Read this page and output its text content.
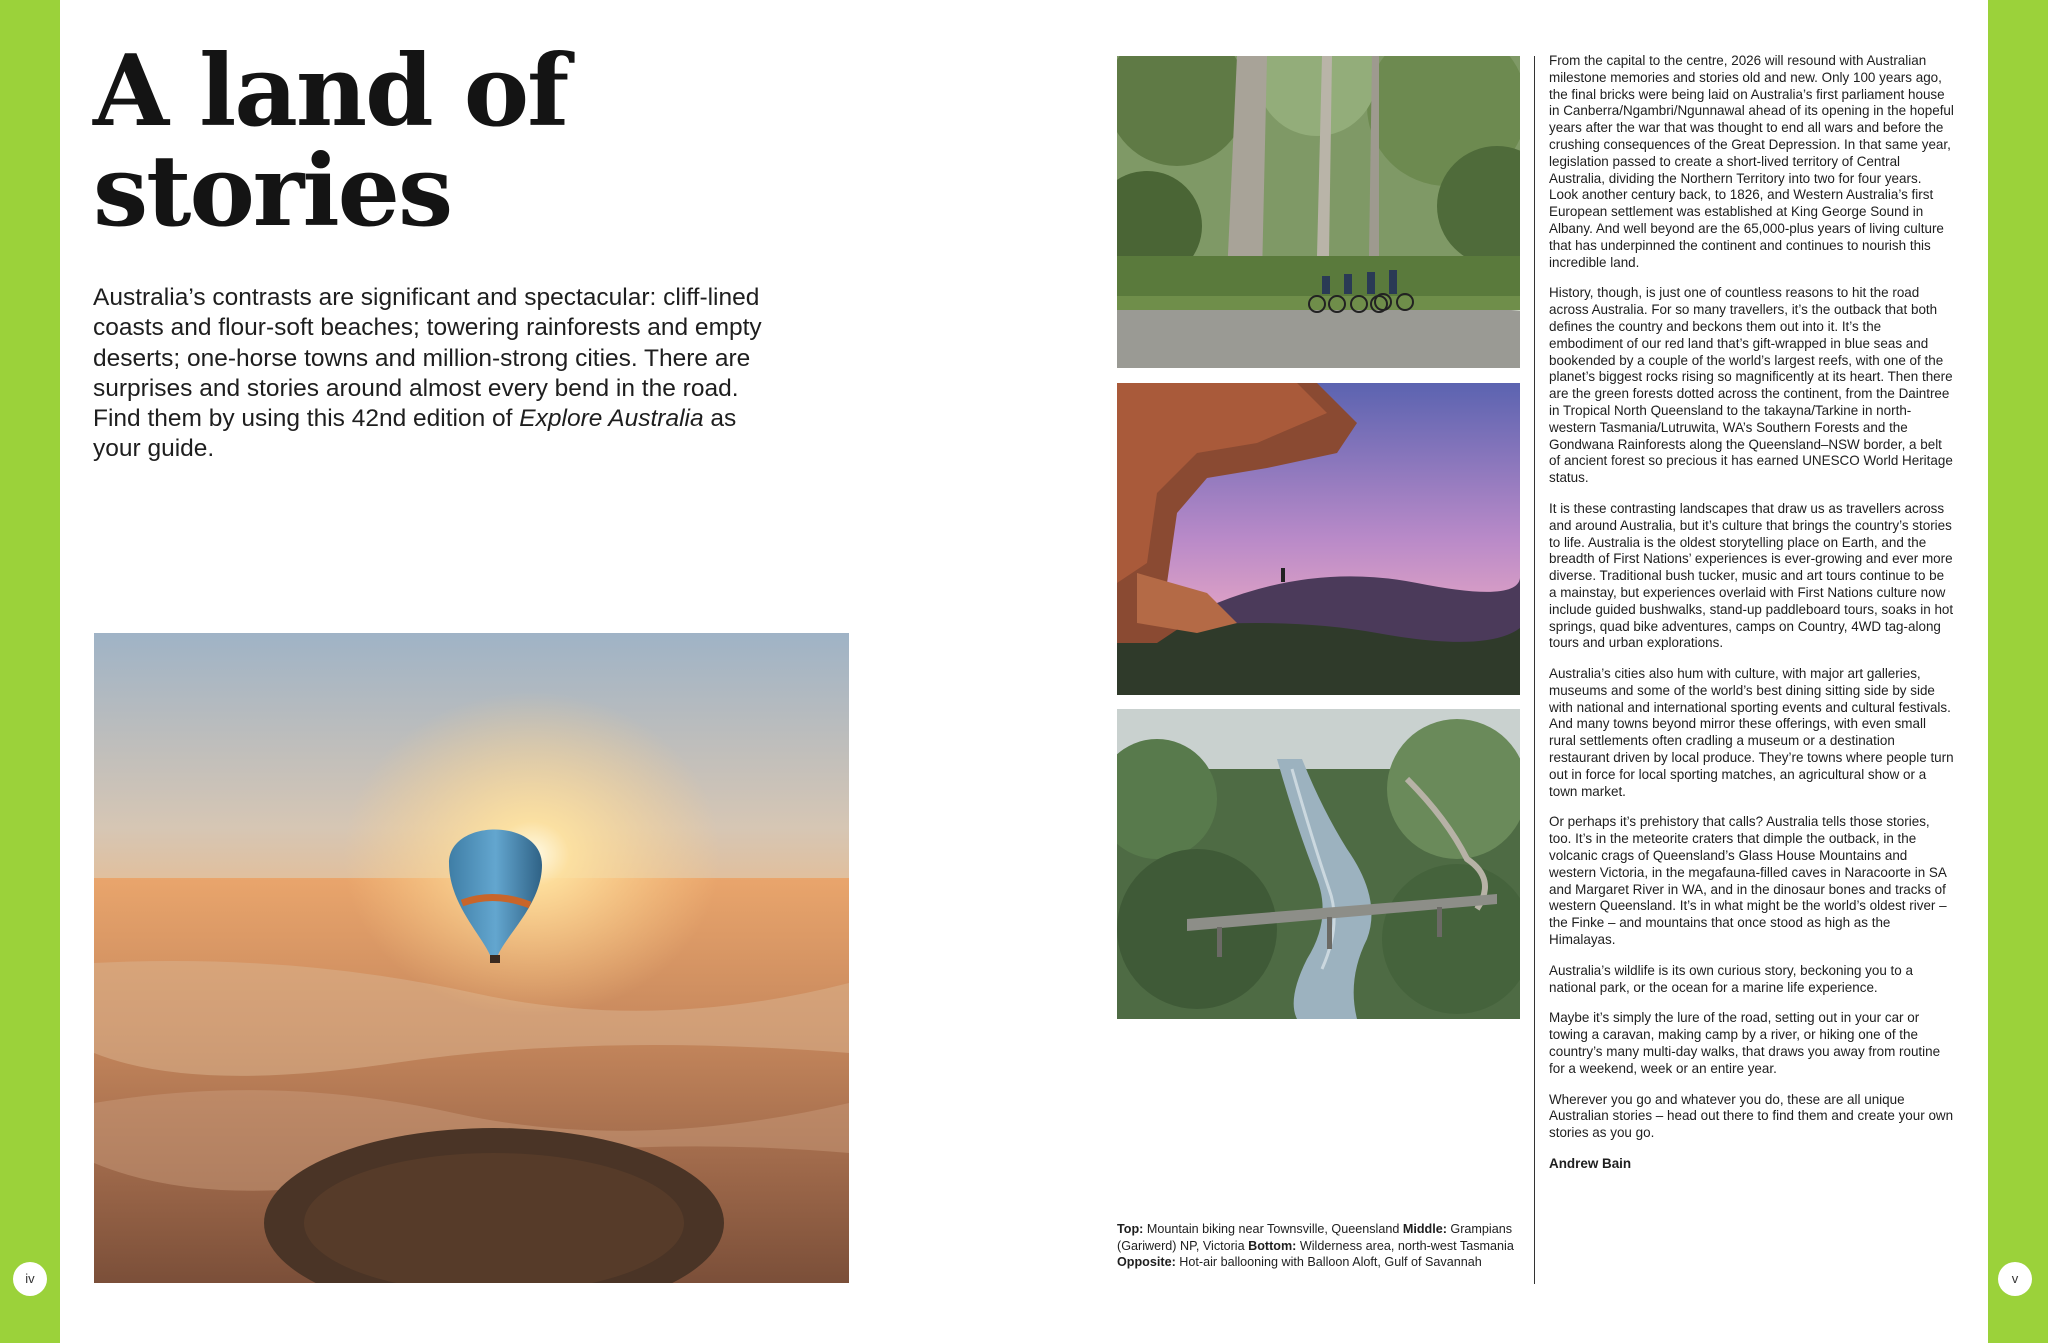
A land of
stories

Australia’s contrasts are significant and spectacular: cliff-lined coasts and flour-soft beaches; towering rainforests and empty deserts; one-horse towns and million-strong cities. There are surprises and stories around almost every bend in the road. Find them by using this 42nd edition of Explore Australia as your guide.

Top: Mountain biking near Townsville, Queensland Middle: Grampians (Gariwerd) NP, Victoria Bottom: Wilderness area, north-west Tasmania Opposite: Hot-air ballooning with Balloon Aloft, Gulf of Savannah

From the capital to the centre, 2026 will resound with Australian milestone memories and stories old and new. Only 100 years ago, the final bricks were being laid on Australia’s first parliament house in Canberra/Ngambri/Ngunnawal ahead of its opening in the hopeful years after the war that was thought to end all wars and before the crushing consequences of the Great Depression. In that same year, legislation passed to create a short-lived territory of Central Australia, dividing the Northern Territory into two for four years. Look another century back, to 1826, and Western Australia’s first European settlement was established at King George Sound in Albany. And well beyond are the 65,000-plus years of living culture that has underpinned the continent and continues to nourish this incredible land.

History, though, is just one of countless reasons to hit the road across Australia. For so many travellers, it’s the outback that both defines the country and beckons them out into it. It’s the embodiment of our red land that’s gift-wrapped in blue seas and bookended by a couple of the world’s largest reefs, with one of the planet’s biggest rocks rising so magnificently at its heart. Then there are the green forests dotted across the continent, from the Daintree in Tropical North Queensland to the takayna/Tarkine in north-western Tasmania/Lutruwita, WA’s Southern Forests and the Gondwana Rainforests along the Queensland–NSW border, a belt of ancient forest so precious it has earned UNESCO World Heritage status.

It is these contrasting landscapes that draw us as travellers across and around Australia, but it’s culture that brings the country’s stories to life. Australia is the oldest storytelling place on Earth, and the breadth of First Nations’ experiences is ever-growing and ever more diverse. Traditional bush tucker, music and art tours continue to be a mainstay, but experiences overlaid with First Nations culture now include guided bushwalks, stand-up paddleboard tours, soaks in hot springs, quad bike adventures, camps on Country, 4WD tag-along tours and urban explorations.

Australia’s cities also hum with culture, with major art galleries, museums and some of the world’s best dining sitting side by side with national and international sporting events and cultural festivals. And many towns beyond mirror these offerings, with even small rural settlements often cradling a museum or a destination restaurant driven by local produce. They’re towns where people turn out in force for local sporting matches, an agricultural show or a town market.

Or perhaps it’s prehistory that calls? Australia tells those stories, too. It’s in the meteorite craters that dimple the outback, in the volcanic crags of Queensland’s Glass House Mountains and western Victoria, in the megafauna-filled caves in Naracoorte in SA and Margaret River in WA, and in the dinosaur bones and tracks of western Queensland. It’s in what might be the world’s oldest river – the Finke – and mountains that once stood as high as the Himalayas.

Australia’s wildlife is its own curious story, beckoning you to a national park, or the ocean for a marine life experience.

Maybe it’s simply the lure of the road, setting out in your car or towing a caravan, making camp by a river, or hiking one of the country’s many multi-day walks, that draws you away from routine for a weekend, week or an entire year.

Wherever you go and whatever you do, these are all unique Australian stories – head out there to find them and create your own stories as you go.

Andrew Bain

iv	v
